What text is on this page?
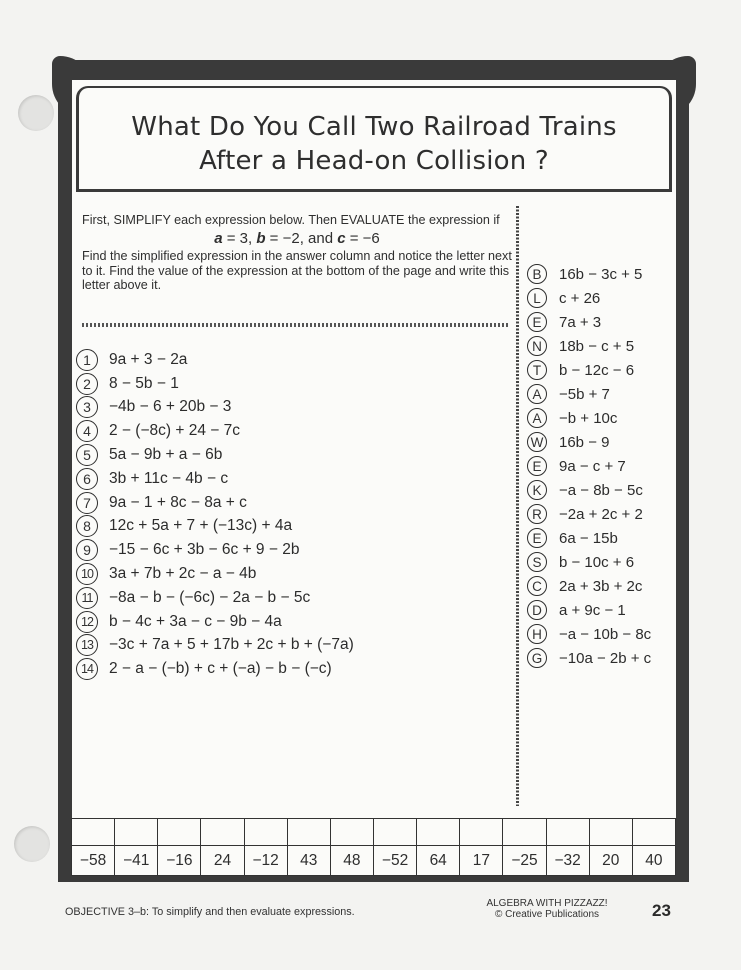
What Do You Call Two Railroad Trains
After a Head-on Collision ?
First, SIMPLIFY each expression below. Then EVALUATE the expression if
a = 3, b = −2, and c = −6
Find the simplified expression in the answer column and notice the letter next to it. Find the value of the expression at the bottom of the page and write this letter above it.
1	9a + 3 − 2a
2	8 − 5b − 1
3	−4b − 6 + 20b − 3
4	2 − (−8c) + 24 − 7c
5	5a − 9b + a − 6b
6	3b + 11c − 4b − c
7	9a − 1 + 8c − 8a + c
8	12c + 5a + 7 + (−13c) + 4a
9	−15 − 6c + 3b − 6c + 9 − 2b
10	3a + 7b + 2c − a − 4b
11	−8a − b − (−6c) − 2a − b − 5c
12	b − 4c + 3a − c − 9b − 4a
13	−3c + 7a + 5 + 17b + 2c + b + (−7a)
14	2 − a − (−b) + c + (−a) − b − (−c)
B	16b − 3c + 5
L	c + 26
E	7a + 3
N	18b − c + 5
T	b − 12c − 6
A	−5b + 7
A	−b + 10c
W 16b − 9
E	9a − c + 7
K	−a − 8b − 5c
R	−2a + 2c + 2
E	6a − 15b
S	b − 10c + 6
C	2a + 3b + 2c
D	a + 9c − 1
H	−a − 10b − 8c
G	−10a − 2b + c

−58	−41	−16	24	−12	43	48	−52	64	17	−25	−32	20	40
OBJECTIVE 3–b: To simplify and then evaluate expressions.
ALGEBRA WITH PIZZAZZ!
© Creative Publications	23
